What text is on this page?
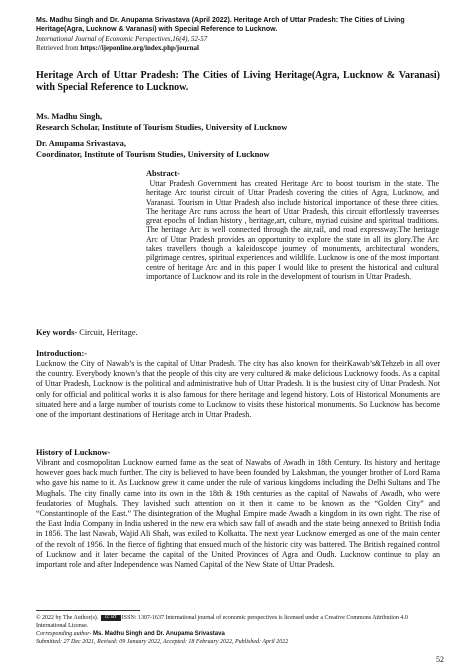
Ms. Madhu Singh and Dr. Anupama Srivastava (April 2022). Heritage Arch of Uttar Pradesh: The Cities of Living Heritage(Agra, Lucknow & Varanasi) with Special Reference to Lucknow.
International Journal of Economic Perspectives,16(4), 52-57
Retrieved from https://ijeponline.org/index.php/journal
Heritage Arch of Uttar Pradesh: The Cities of Living Heritage(Agra, Lucknow & Varanasi) with Special Reference to Lucknow.
Ms. Madhu Singh,
Research Scholar, Institute of Tourism Studies, University of Lucknow
Dr. Anupama Srivastava,
Coordinator, Institute of Tourism Studies, University of Lucknow
Abstract-
Uttar Pradesh Government has created Heritage Arc to boost tourism in the state. The heritage Arc tourist circuit of Uttar Pradesh covering the cities of Agra, Lucknow, and Varanasi. Tourism in Uttar Pradesh also include historical importance of these three cities. The heritage Arc runs across the heart of Uttar Pradesh, this circuit effortlessly traveerses great epochs of Indian history , heritage,art, culture, myriad cuisine and spiritual traditions. The heritage Arc is well connected through the air,rail, and road expressway.The heritage Arc of Uttar Pradesh provides an opportunity to explore the state in all its glory.The Arc takes travellers though a kaleidoscope journey of monuments, architectural wonders, pilgrimage centres, spiritual experiences and wildlife. Lucknow is one of the most important centre of heritage Arc and in this paper I would like to present the historical and cultural importance of Lucknow and its role in the development of tourism in Uttar Pradesh.
Key words- Circuit, Heritage.
Introduction:-
Lucknow the City of Nawab’s is the capital of Uttar Pradesh. The city has also known for theirKawab’s&Tehzeb in all over the country. Everybody known’s that the people of this city are very cultured & make delicious Lucknowy foods. As a capital of Uttar Pradesh, Lucknow is the political and administrative hub of Uttar Pradesh. It is the busiest city of Uttar Pradesh. Not only for official and political works it is also famous for there heritage and legend history. Lots of Historical Monuments are situated here and a large number of tourists come to Lucknow to visits these historical monuments. So Lucknow has become one of the important destinations of Heritage arch in Uttar Pradesh.
History of Lucknow-
Vibrant and cosmopolitan Lucknow earned fame as the seat of Nawabs of Awadh in 18th Century. Its history and heritage however goes back much further. The city is believed to have been founded by Lakshman, the younger brother of Lord Rama who gave his name to it. As Lucknow grew it came under the rule of various kingdoms including the Delhi Sultans and The Mughals. The city finally came into its own in the 18th & 19th centuries as the capital of Nawabs of Awadh, who were feudatories of Mughals. They lavished such attention on it then it came to be known as the “Golden City” and “Constantinople of the East.” The disintegration of the Mughal Empire made Awadh a kingdom in its own right. The rise of the East India Company in India ushered in the new era which saw fall of awadh and the state being annexed to British India in 1856. The last Nawab, Wajid Ali Shah, was exiled to Kolkatta. The next year Lucknow emerged as one of the main center of the revolt of 1956. In the fierce of fighting that ensued much of the historic city was battered. The British regained control of Lucknow and it later became the capital of the United Provinces of Agra and Oudh. Lucknow continue to play an important role and after Independence was Named Capital of the New State of Uttar Pradesh.
© 2022 by The Author(s). cc BY ISSN: 1307-1637 International journal of economic perspectives is licensed under a Creative Commons Attribution 4.0 International License.
Corresponding author- Ms. Madhu Singh and Dr. Anupama Srivastava
Submitted: 27 Dec 2021, Revised: 09 January 2022, Accepted: 18 February 2022, Published: April 2022
52
